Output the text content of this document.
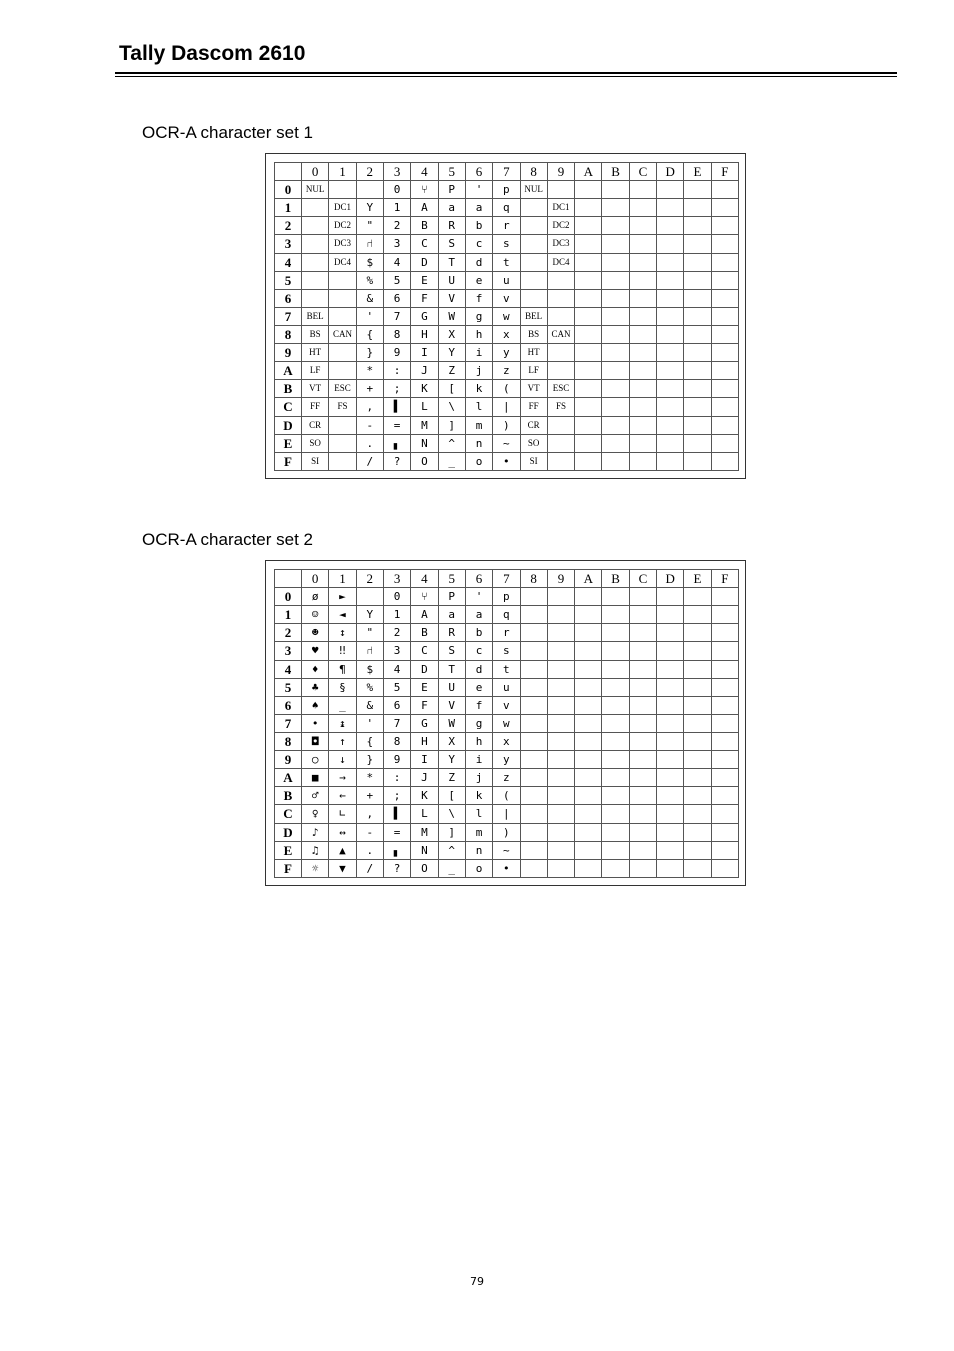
Tally Dascom 2610
OCR-A character set 1
	0	1	2	3	4	5	6	7	8	9	A	B	C	D	E	F
0	NUL			0	⑂	P	'	p	NUL							
1		DC1	Y	1	A	a	a	q		DC1						
2		DC2	"	2	B	R	b	r		DC2						
3		DC3	⑁	3	C	S	c	s		DC3						
4		DC4	$	4	D	T	d	t		DC4						
5			%	5	E	U	e	u								
6			&	6	F	V	f	v								
7	BEL		'	7	G	W	g	w	BEL							
8	BS	CAN	{	8	H	X	h	x	BS	CAN						
9	HT		}	9	I	Y	i	y	HT							
A	LF		*	:	J	Z	j	z	LF							
B	VT	ESC	+	;	K	[	k	(	VT	ESC						
C	FF	FS	,	▌	L	\	l	|	FF	FS						
D	CR		-	=	M	]	m	)	CR							
E	SO		.	▖	N	^	n	~	SO							
F	SI		/	?	O	_	o	•	SI							
OCR-A character set 2
	0	1	2	3	4	5	6	7	8	9	A	B	C	D	E	F
0	ø	►		0	⑂	P	'	p								
1	☺	◄	Y	1	A	a	a	q								
2	☻	↕	"	2	B	R	b	r								
3	♥	‼	⑁	3	C	S	c	s								
4	♦	¶	$	4	D	T	d	t								
5	♣	§	%	5	E	U	e	u								
6	♠	_	&	6	F	V	f	v								
7	•	↨	'	7	G	W	g	w								
8	◘	↑	{	8	H	X	h	x								
9	○	↓	}	9	I	Y	i	y								
A	■	→	*	:	J	Z	j	z								
B	♂	←	+	;	K	[	k	(								
C	♀	∟	,	▌	L	\	l	|								
D	♪	↔	-	=	M	]	m	)								
E	♫	▲	.	▖	N	^	n	~								
F	☼	▼	/	?	O	_	o	•								
79
